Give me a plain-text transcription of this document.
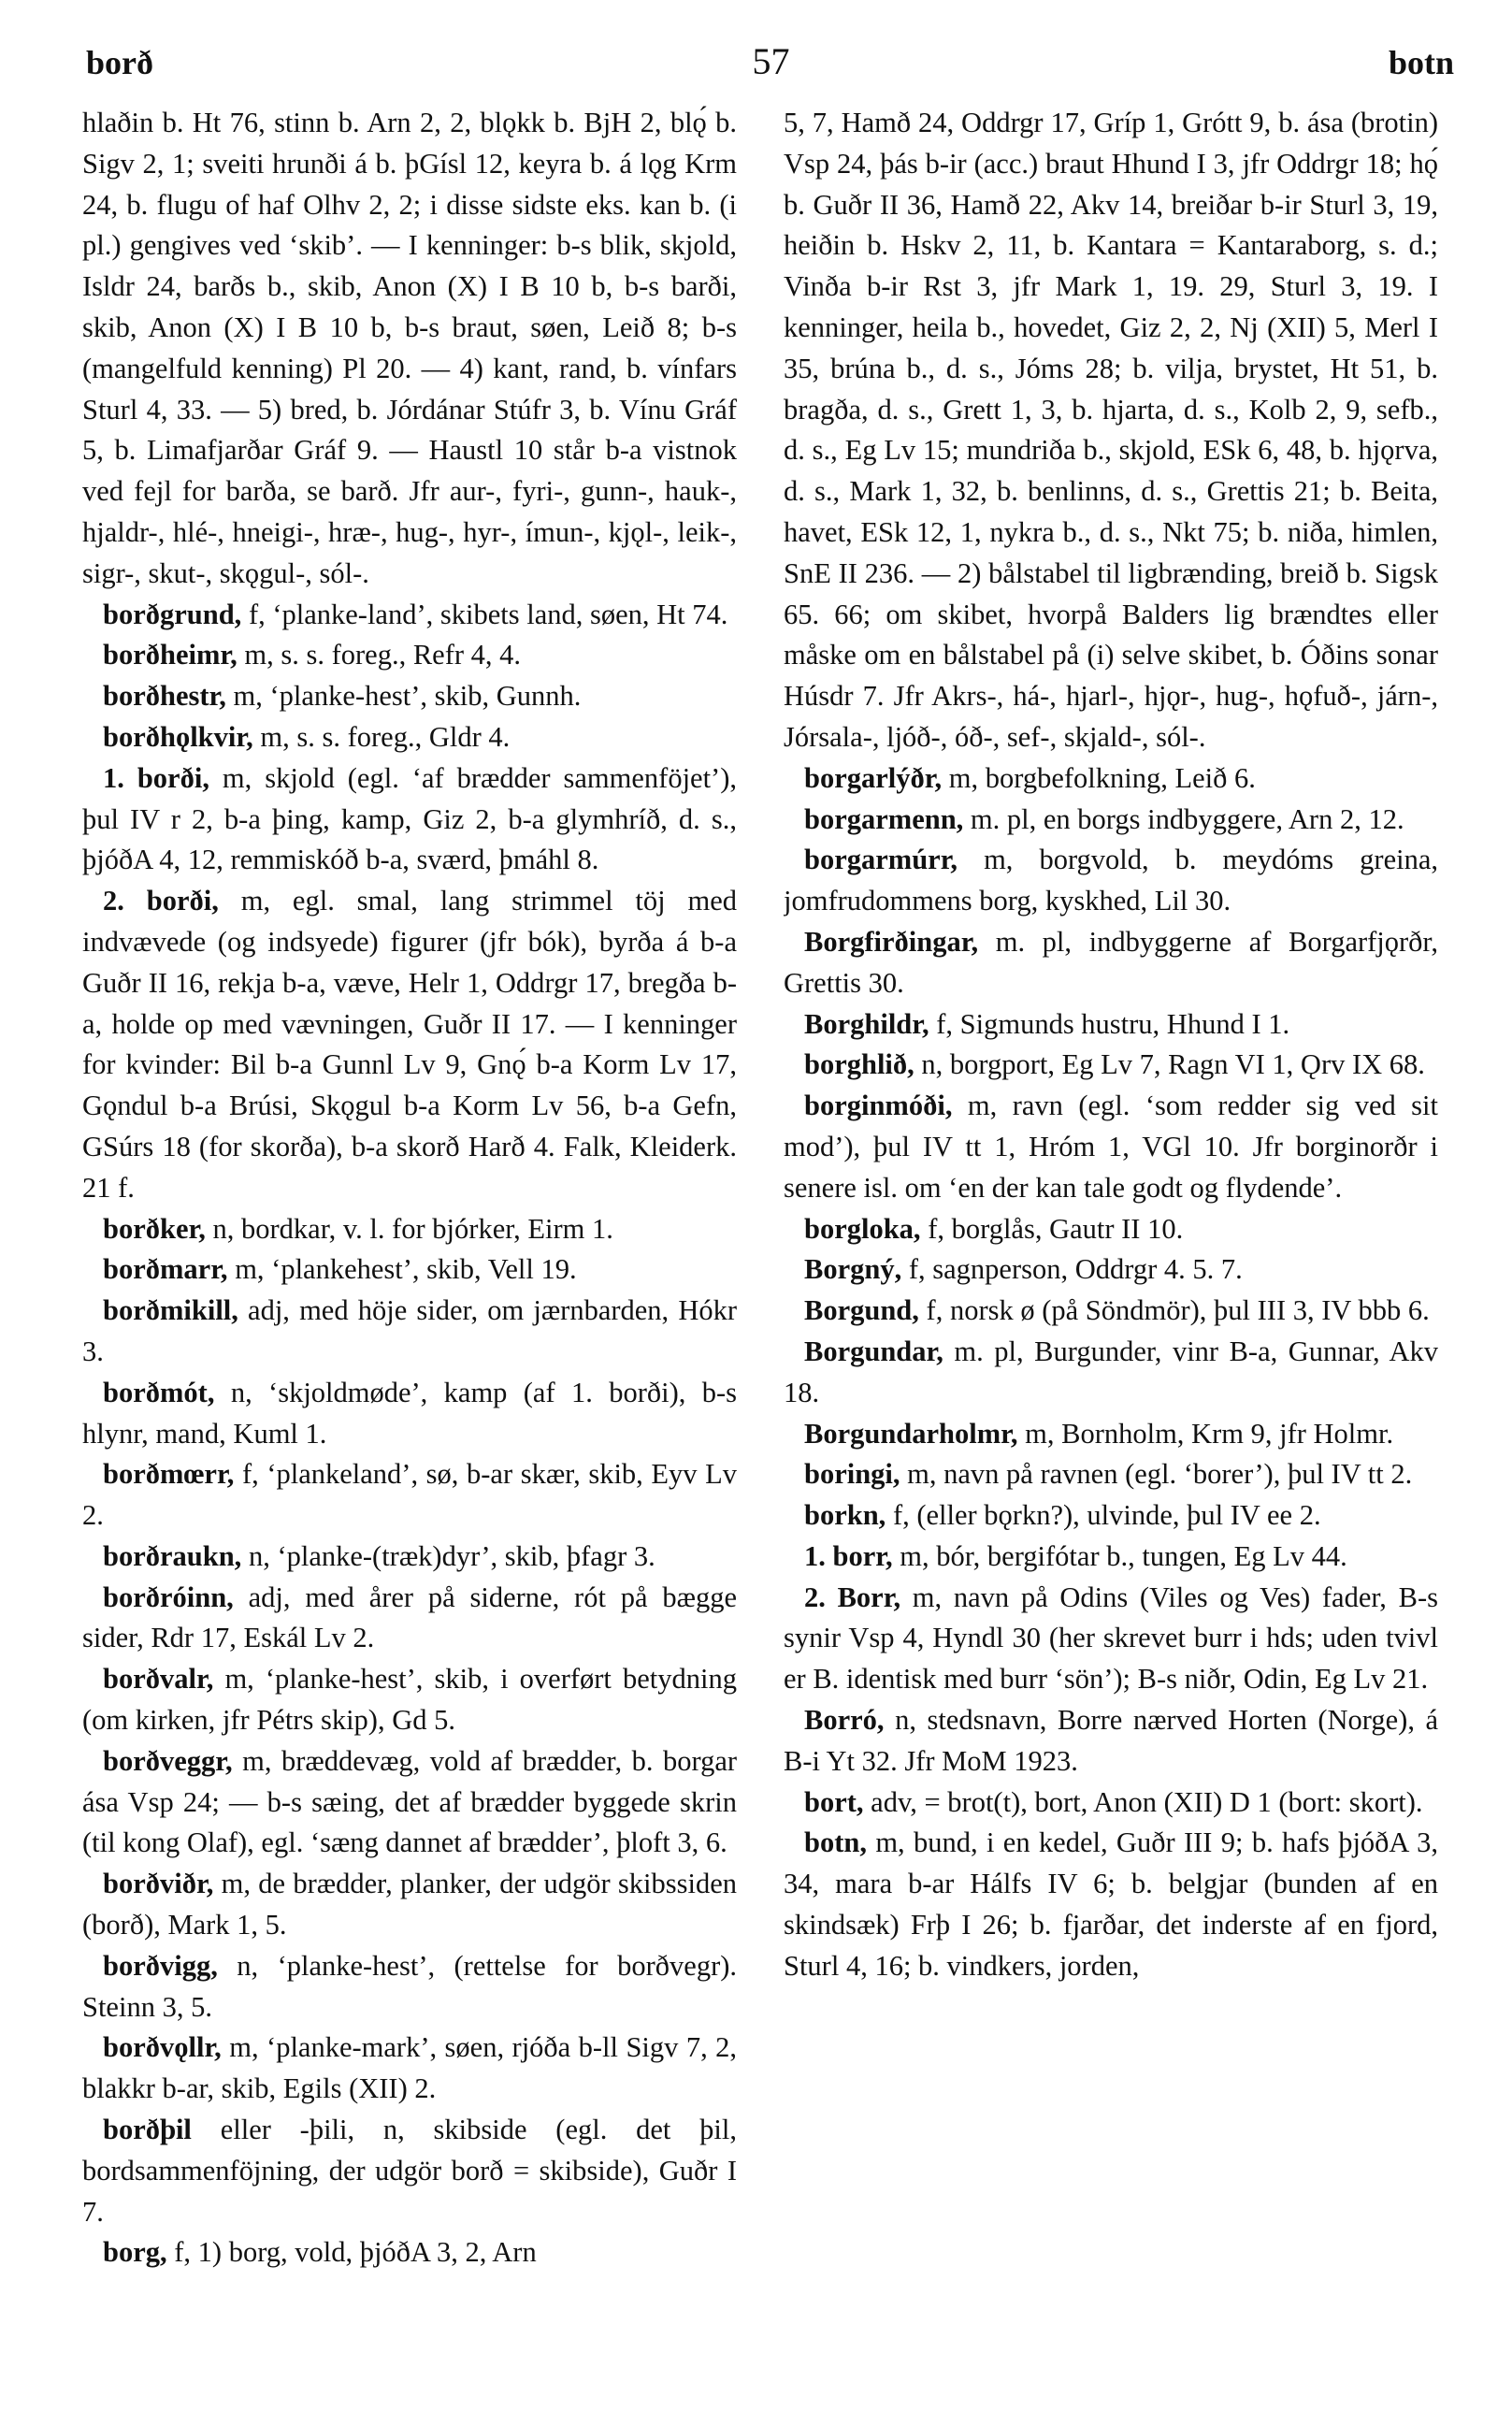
borð	57	botn

hlaðin b. Ht 76, stinn b. Arn 2, 2, blǫkk b. BjH 2, blǫ́ b. Sigv 2, 1; sveiti hrunði á b. þGísl 12, keyra b. á lǫg Krm 24, b. flugu of haf Olhv 2, 2; i disse sidste eks. kan b. (i pl.) gengives ved ‘skib’. — I kenninger: b-s blik, skjold, Isldr 24, barðs b., skib, Anon (X) I B 10 b, b-s barði, skib, Anon (X) I B 10 b, b-s braut, søen, Leið 8; b-s (mangelfuld kenning) Pl 20. — 4) kant, rand, b. vínfars Sturl 4, 33. — 5) bred, b. Jórdánar Stúfr 3, b. Vínu Gráf 5, b. Limafjarðar Gráf 9. — Haustl 10 står b-a vistnok ved fejl for barða, se barð. Jfr aur-, fyri-, gunn-, hauk-, hjaldr-, hlé-, hneigi-, hræ-, hug-, hyr-, ímun-, kjǫl-, leik-, sigr-, skut-, skǫgul-, sól-.

borðgrund, f, ‘planke-land’, skibets land, søen, Ht 74.

borðheimr, m, s. s. foreg., Refr 4, 4.

borðhestr, m, ‘planke-hest’, skib, Gunnh.

borðhǫlkvir, m, s. s. foreg., Gldr 4.

1. borði, m, skjold (egl. ‘af brædder sammenföjet’), þul IV r 2, b-a þing, kamp, Giz 2, b-a glymhríð, d. s., þjóðA 4, 12, remmiskóð b-a, sværd, þmáhl 8.

2. borði, m, egl. smal, lang strimmel töj med indvævede (og indsyede) figurer (jfr bók), byrða á b-a Guðr II 16, rekja b-a, væve, Helr 1, Oddrgr 17, bregða b-a, holde op med vævningen, Guðr II 17. — I kenninger for kvinder: Bil b-a Gunnl Lv 9, Gnǫ́ b-a Korm Lv 17, Gǫndul b-a Brúsi, Skǫgul b-a Korm Lv 56, b-a Gefn, GSúrs 18 (for skorða), b-a skorð Harð 4. Falk, Kleiderk. 21 f.

borðker, n, bordkar, v. l. for bjórker, Eirm 1.

borðmarr, m, ‘plankehest’, skib, Vell 19.

borðmikill, adj, med höje sider, om jærnbarden, Hókr 3.

borðmót, n, ‘skjoldmøde’, kamp (af 1. borði), b-s hlynr, mand, Kuml 1.

borðmœrr, f, ‘plankeland’, sø, b-ar skær, skib, Eyv Lv 2.

borðraukn, n, ‘planke-(træk)dyr’, skib, þfagr 3.

borðróinn, adj, med årer på siderne, rót på bægge sider, Rdr 17, Eskál Lv 2.

borðvalr, m, ‘planke-hest’, skib, i overført betydning (om kirken, jfr Pétrs skip), Gd 5.

borðveggr, m, bræddevæg, vold af brædder, b. borgar ása Vsp 24; — b-s sæing, det af brædder byggede skrin (til kong Olaf), egl. ‘sæng dannet af brædder’, þloft 3, 6.

borðviðr, m, de brædder, planker, der udgör skibssiden (borð), Mark 1, 5.

borðvigg, n, ‘planke-hest’, (rettelse for borðvegr). Steinn 3, 5.

borðvǫllr, m, ‘planke-mark’, søen, rjóða b-ll Sigv 7, 2, blakkr b-ar, skib, Egils (XII) 2.

borðþil eller -þili, n, skibside (egl. det þil, bordsammenföjning, der udgör borð = skibside), Guðr I 7.

borg, f, 1) borg, vold, þjóðA 3, 2, Arn

5, 7, Hamð 24, Oddrgr 17, Gríp 1, Grótt 9, b. ása (brotin) Vsp 24, þás b-ir (acc.) braut Hhund I 3, jfr Oddrgr 18; hǫ́ b. Guðr II 36, Hamð 22, Akv 14, breiðar b-ir Sturl 3, 19, heiðin b. Hskv 2, 11, b. Kantara = Kantaraborg, s. d.; Vinða b-ir Rst 3, jfr Mark 1, 19. 29, Sturl 3, 19. I kenninger, heila b., hovedet, Giz 2, 2, Nj (XII) 5, Merl I 35, brúna b., d. s., Jóms 28; b. vilja, brystet, Ht 51, b. bragða, d. s., Grett 1, 3, b. hjarta, d. s., Kolb 2, 9, sefb., d. s., Eg Lv 15; mundriða b., skjold, ESk 6, 48, b. hjǫrva, d. s., Mark 1, 32, b. benlinns, d. s., Grettis 21; b. Beita, havet, ESk 12, 1, nykra b., d. s., Nkt 75; b. niða, himlen, SnE II 236. — 2) bålstabel til ligbrænding, breið b. Sigsk 65. 66; om skibet, hvorpå Balders lig brændtes eller måske om en bålstabel på (i) selve skibet, b. Óðins sonar Húsdr 7. Jfr Akrs-, há-, hjarl-, hjǫr-, hug-, hǫfuð-, járn-, Jórsala-, ljóð-, óð-, sef-, skjald-, sól-.

borgarlýðr, m, borgbefolkning, Leið 6.

borgarmenn, m. pl, en borgs indbyggere, Arn 2, 12.

borgarmúrr, m, borgvold, b. meydóms greina, jomfrudommens borg, kyskhed, Lil 30.

Borgfirðingar, m. pl, indbyggerne af Borgarfjǫrðr, Grettis 30.

Borghildr, f, Sigmunds hustru, Hhund I 1.

borghlið, n, borgport, Eg Lv 7, Ragn VI 1, Ǫrv IX 68.

borginmóði, m, ravn (egl. ‘som redder sig ved sit mod’), þul IV tt 1, Hróm 1, VGl 10. Jfr borginorðr i senere isl. om ‘en der kan tale godt og flydende’.

borgloka, f, borglås, Gautr II 10.

Borgný, f, sagnperson, Oddrgr 4. 5. 7.

Borgund, f, norsk ø (på Söndmör), þul III 3, IV bbb 6.

Borgundar, m. pl, Burgunder, vinr B-a, Gunnar, Akv 18.

Borgundarholmr, m, Bornholm, Krm 9, jfr Holmr.

boringi, m, navn på ravnen (egl. ‘borer’), þul IV tt 2.

borkn, f, (eller bǫrkn?), ulvinde, þul IV ee 2.

1. borr, m, bór, bergifótar b., tungen, Eg Lv 44.

2. Borr, m, navn på Odins (Viles og Ves) fader, B-s synir Vsp 4, Hyndl 30 (her skrevet burr i hds; uden tvivl er B. identisk med burr ‘sön’); B-s niðr, Odin, Eg Lv 21.

Borró, n, stedsnavn, Borre nærved Horten (Norge), á B-i Yt 32. Jfr MoM 1923.

bort, adv, = brot(t), bort, Anon (XII) D 1 (bort: skort).

botn, m, bund, i en kedel, Guðr III 9; b. hafs þjóðA 3, 34, mara b-ar Hálfs IV 6; b. belgjar (bunden af en skindsæk) Frþ I 26; b. fjarðar, det inderste af en fjord, Sturl 4, 16; b. vindkers, jorden,
